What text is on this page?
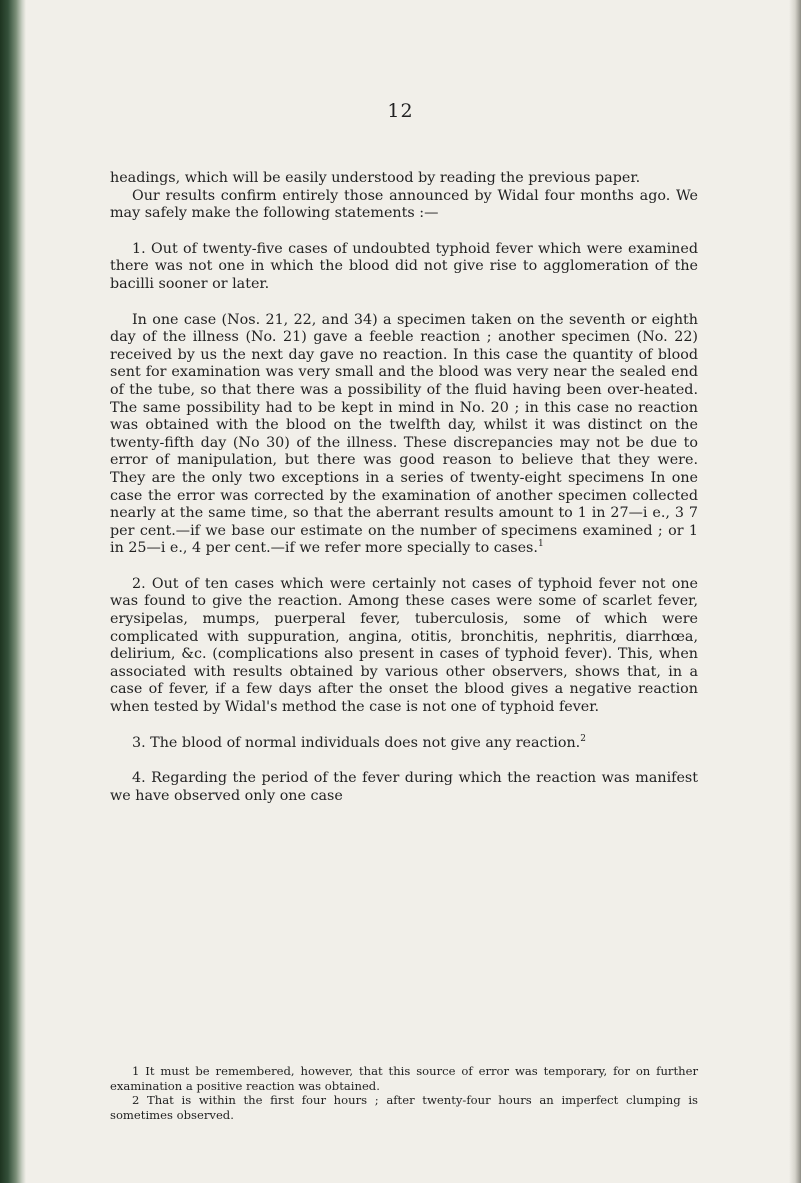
12

headings, which will be easily understood by reading the previous paper.

Our results confirm entirely those announced by Widal four months ago. We may safely make the following statements :—

1. Out of twenty-five cases of undoubted typhoid fever which were examined there was not one in which the blood did not give rise to agglomeration of the bacilli sooner or later.

In one case (Nos. 21, 22, and 34) a specimen taken on the seventh or eighth day of the illness (No. 21) gave a feeble reaction ; another specimen (No. 22) received by us the next day gave no reaction. In this case the quantity of blood sent for examination was very small and the blood was very near the sealed end of the tube, so that there was a possibility of the fluid having been over-heated. The same possibility had to be kept in mind in No. 20 ; in this case no reaction was obtained with the blood on the twelfth day, whilst it was distinct on the twenty-fifth day (No 30) of the illness. These discrepancies may not be due to error of manipulation, but there was good reason to believe that they were. They are the only two exceptions in a series of twenty-eight specimens In one case the error was corrected by the examination of another specimen collected nearly at the same time, so that the aberrant results amount to 1 in 27—i e., 3 7 per cent.—if we base our estimate on the number of specimens examined ; or 1 in 25—i e., 4 per cent.—if we refer more specially to cases.$^1$

2. Out of ten cases which were certainly not cases of typhoid fever not one was found to give the reaction. Among these cases were some of scarlet fever, erysipelas, mumps, puerperal fever, tuberculosis, some of which were complicated with suppuration, angina, otitis, bronchitis, nephritis, diarrhœa, delirium, &c. (complications also present in cases of typhoid fever). This, when associated with results obtained by various other observers, shows that, in a case of fever, if a few days after the onset the blood gives a negative reaction when tested by Widal's method the case is not one of typhoid fever.

3. The blood of normal individuals does not give any reaction.$^2$

4. Regarding the period of the fever during which the reaction was manifest we have observed only one case

1 It must be remembered, however, that this source of error was temporary, for on further examination a positive reaction was obtained.

2 That is within the first four hours ; after twenty-four hours an imperfect clumping is sometimes observed.
